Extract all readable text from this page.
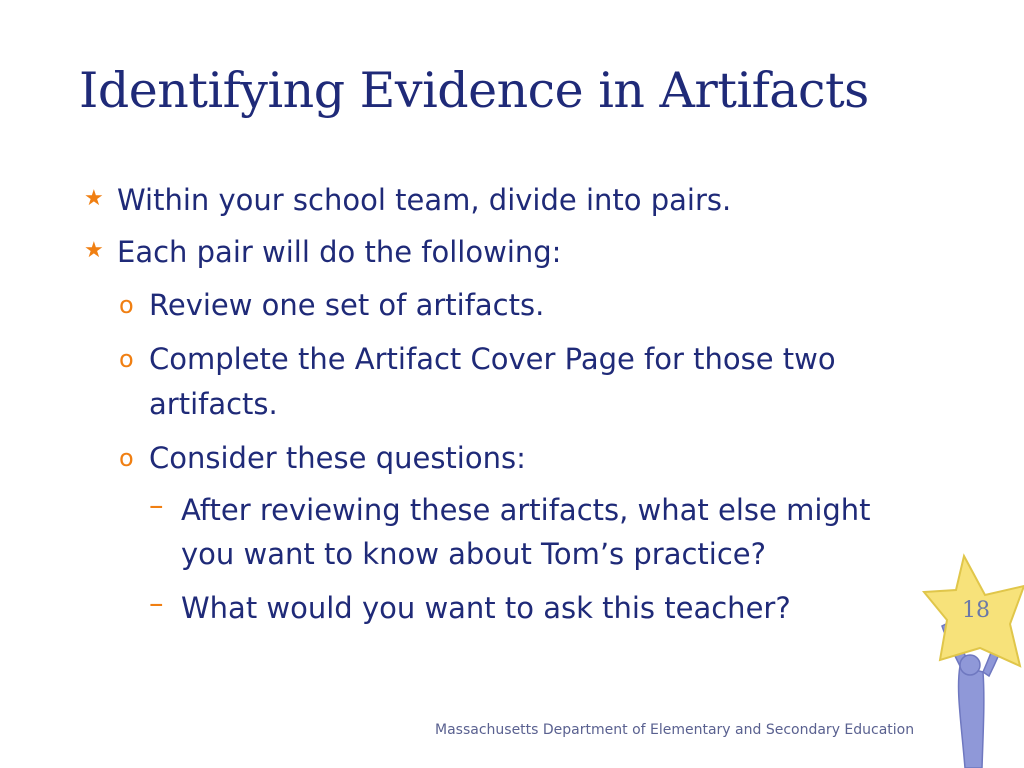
Identifying Evidence in Artifacts
★ Within your school team, divide into pairs.
★ Each pair will do the following:
o Review one set of artifacts.
o Complete the Artifact Cover Page for those two
artifacts.
o Consider these questions:
– After reviewing these artifacts, what else might
you want to know about Tom’s practice?
– What would you want to ask this teacher?	18
Massachusetts Department of Elementary and Secondary Education
